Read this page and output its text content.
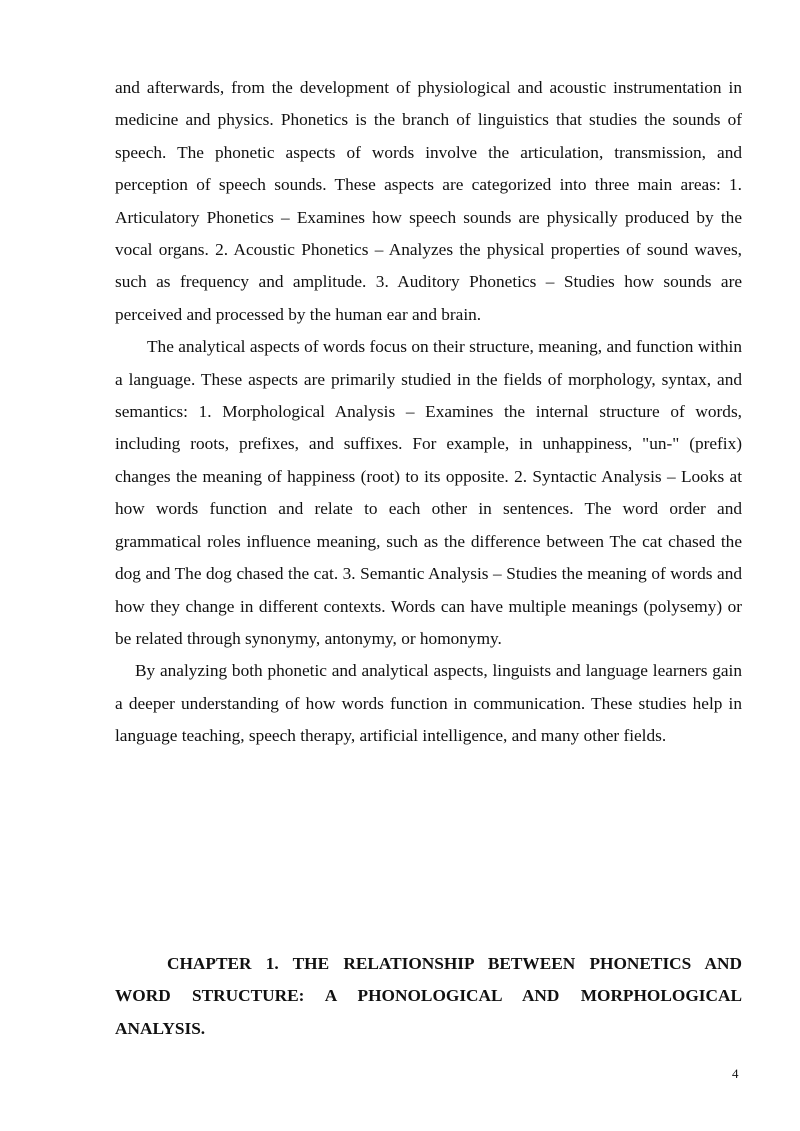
and afterwards, from the development of physiological and acoustic instrumentation in medicine and physics. Phonetics is the branch of linguistics that studies the sounds of speech. The phonetic aspects of words involve the articulation, transmission, and perception of speech sounds. These aspects are categorized into three main areas: 1. Articulatory Phonetics – Examines how speech sounds are physically produced by the vocal organs. 2. Acoustic Phonetics – Analyzes the physical properties of sound waves, such as frequency and amplitude. 3. Auditory Phonetics – Studies how sounds are perceived and processed by the human ear and brain.

The analytical aspects of words focus on their structure, meaning, and function within a language. These aspects are primarily studied in the fields of morphology, syntax, and semantics: 1. Morphological Analysis – Examines the internal structure of words, including roots, prefixes, and suffixes. For example, in unhappiness, "un-" (prefix) changes the meaning of happiness (root) to its opposite. 2. Syntactic Analysis – Looks at how words function and relate to each other in sentences. The word order and grammatical roles influence meaning, such as the difference between The cat chased the dog and The dog chased the cat. 3. Semantic Analysis – Studies the meaning of words and how they change in different contexts. Words can have multiple meanings (polysemy) or be related through synonymy, antonymy, or homonymy.

By analyzing both phonetic and analytical aspects, linguists and language learners gain a deeper understanding of how words function in communication. These studies help in language teaching, speech therapy, artificial intelligence, and many other fields.

CHAPTER 1. THE RELATIONSHIP BETWEEN PHONETICS AND WORD STRUCTURE: A PHONOLOGICAL AND MORPHOLOGICAL ANALYSIS.
4
